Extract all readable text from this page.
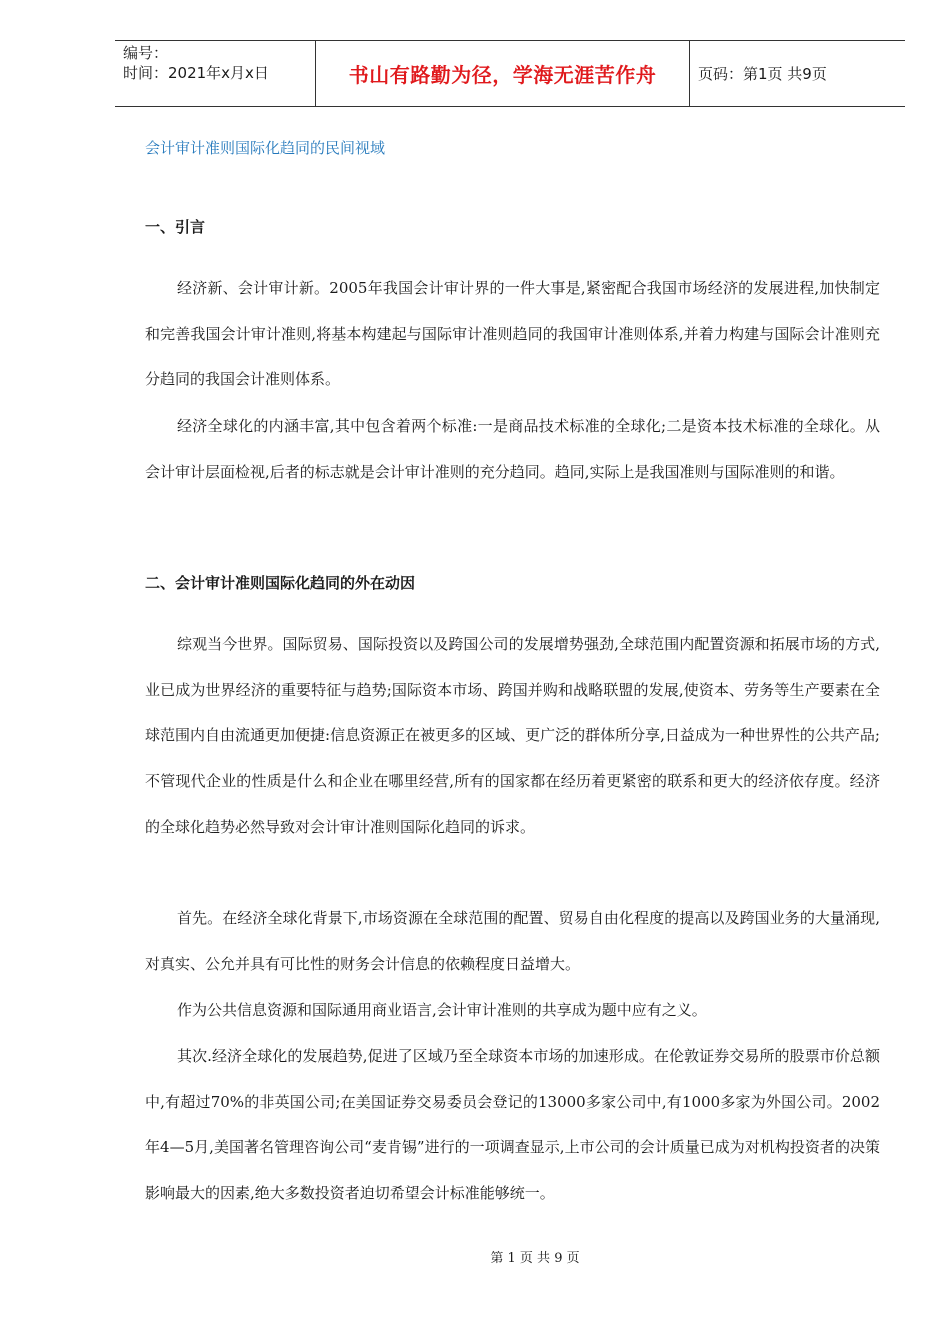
编号：
时间：2021年x月x日	书山有路勤为径，学海无涯苦作舟	页码：第1页 共9页
会计审计准则国际化趋同的民间视域
一、引言

经济新、会计审计新。2005年我国会计审计界的一件大事是,紧密配合我国市场经济的发展进程,加快制定和完善我国会计审计准则,将基本构建起与国际审计准则趋同的我国审计准则体系,并着力构建与国际会计准则充分趋同的我国会计准则体系。

经济全球化的内涵丰富,其中包含着两个标准:一是商品技术标准的全球化;二是资本技术标准的全球化。从会计审计层面检视,后者的标志就是会计审计准则的充分趋同。趋同,实际上是我国准则与国际准则的和谐。

二、会计审计准则国际化趋同的外在动因

综观当今世界。国际贸易、国际投资以及跨国公司的发展增势强劲,全球范围内配置资源和拓展市场的方式,业已成为世界经济的重要特征与趋势;国际资本市场、跨国并购和战略联盟的发展,使资本、劳务等生产要素在全球范围内自由流通更加便捷:信息资源正在被更多的区域、更广泛的群体所分享,日益成为一种世界性的公共产品;不管现代企业的性质是什么和企业在哪里经营,所有的国家都在经历着更紧密的联系和更大的经济依存度。经济的全球化趋势必然导致对会计审计准则国际化趋同的诉求。

首先。在经济全球化背景下,市场资源在全球范围的配置、贸易自由化程度的提高以及跨国业务的大量涌现,对真实、公允并具有可比性的财务会计信息的依赖程度日益增大。

作为公共信息资源和国际通用商业语言,会计审计准则的共享成为题中应有之义。

其次.经济全球化的发展趋势,促进了区域乃至全球资本市场的加速形成。在伦敦证券交易所的股票市价总额中,有超过70%的非英国公司;在美国证券交易委员会登记的13000多家公司中,有1000多家为外国公司。2002年4—5月,美国著名管理咨询公司“麦肯锡”进行的一项调查显示,上市公司的会计质量已成为对机构投资者的决策影响最大的因素,绝大多数投资者迫切希望会计标准能够统一。

第 1 页 共 9 页
